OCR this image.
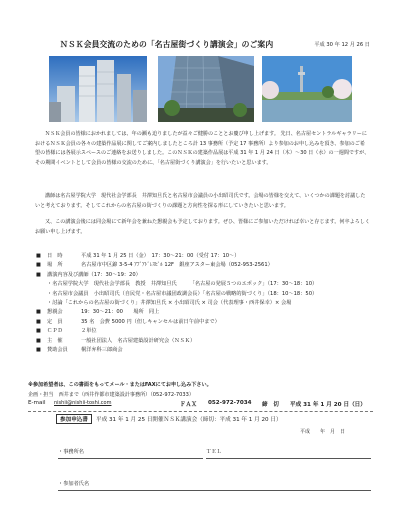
ＮＳＫ会員交流のための「名古屋街づくり講演会」のご案内	平成 30 年 12 月 26 日
ＮＳＫ会員の皆様におかれましては、年の瀬も迫りましたが益々ご健勝のこととお慶び申し上げます。 先日、名古屋セントラルギャラリーにおけるＮＳＫ会員の各々の建築作品展に関してご案内しましたところ計 13 事務所（予定 17 事務所）より参加のお申し込みを頂き、参加のご希望の皆様には各展示スペースのご連絡をお送りしました。このＮＳＫの建築作品展は平成 31 年 1 月 24 日（木）～30 日（水）の一週間ですが、その期間イベントとして会員の皆様の交流のために、「名古屋街づくり講演会」を行いたいと思います。
講師は名古屋学院大学　現代社会学部長　井澤知旦氏と名古屋市会議員の小出昭司氏です。会場の皆様を交えて、いくつかの課題を討議したいと考えております。そしてこれからの名古屋の街づくりの課題と方向性を探る形にしていきたいと思います。
又、この講演会後には同会場にて新年会を兼ねた懇親会も予定しております。ぜひ、皆様にご参加いただければ幸いと存じます。何卒よろしくお願い申し上げます。
■ 日　時	平成 31 年 1 月 25 日（金）　17：30～21：00（受付 17：10～）
■ 場　所	名古屋市中区錦 3-5-4 ｱﾌﾞｱﾄﾞﾚｽﾋﾞﾙ 12F　銀座アスター東会場（052-953-2561）
■ 講演内容及び講師（17：30～19：20）
・名古屋学院大学　現代社会学部長　教授　井澤知旦氏　　　「名古屋の発展５つのエポック」（17：30～18：10）
・名古屋市会議員　小出昭司氏（自民党・名古屋市議団政調会長）「名古屋の戦略的街づくり」（18：10～18：50）
・討論「これからの名古屋の街づくり」井澤知旦氏 × 小出昭司氏 × 司会（代表理事・西井保幸）× 会場
■ 懇親会	19：30～21：00　　場所　同上
■ 定　員	35 名　会費 5000 円（但しキャンセルは前日午前中まで）
■ ＣＰＤ	２単位
■ 主　催	一般社団法人　名古屋建築設計研究会（ＮＳＫ）
■ 賛助会員	桐洋弁科三郎商会
※参加希望者は、この書面をもってメール・またはFAXにてお申し込み下さい。
企画・担当　西井まで（西井作都市建築設計事務所）（052-972-7033）
E-mail nishii@nishii-toshi.com	ＦＡＸ 052-972-7034 締　切　　平成 31 年 1 月 20 日（日）
参加申込書 平成 31 年 1 月 25 日開催ＮＳＫ講演会（締切：平成 31 年 1 月 20 日）
平成　　年　月　日
・事務所名	ＴＥＬ
・参加者氏名
